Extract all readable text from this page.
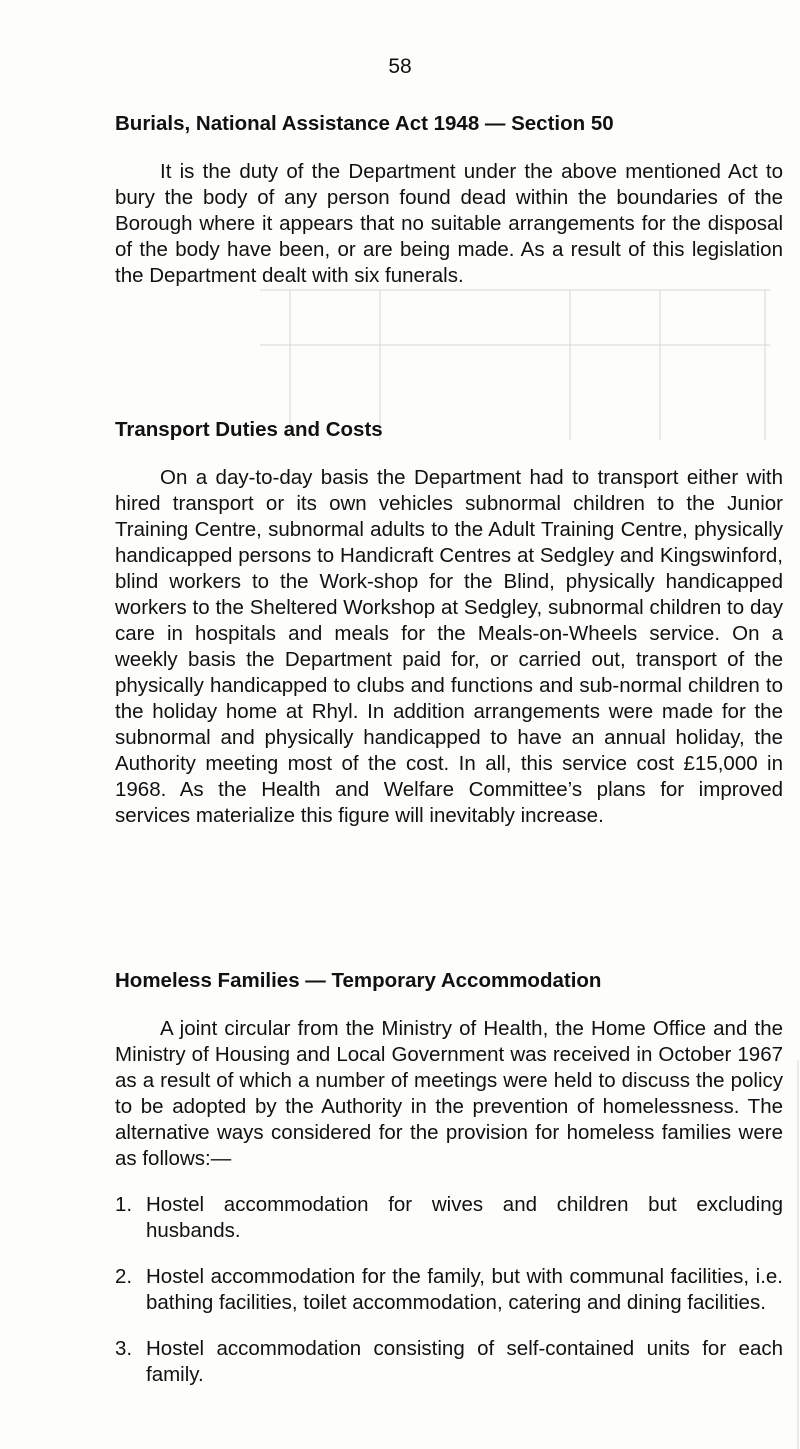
58
Burials, National Assistance Act 1948 — Section 50

It is the duty of the Department under the above mentioned Act to bury the body of any person found dead within the boundaries of the Borough where it appears that no suitable arrangements for the disposal of the body have been, or are being made. As a result of this legislation the Department dealt with six funerals.

Transport Duties and Costs

On a day-to-day basis the Department had to transport either with hired transport or its own vehicles subnormal children to the Junior Training Centre, subnormal adults to the Adult Training Centre, physically handicapped persons to Handicraft Centres at Sedgley and Kingswinford, blind workers to the Work-shop for the Blind, physically handicapped workers to the Sheltered Workshop at Sedgley, subnormal children to day care in hospitals and meals for the Meals-on-Wheels service. On a weekly basis the Department paid for, or carried out, transport of the physically handicapped to clubs and functions and sub-normal children to the holiday home at Rhyl. In addition arrangements were made for the subnormal and physically handicapped to have an annual holiday, the Authority meeting most of the cost. In all, this service cost £15,000 in 1968. As the Health and Welfare Committee’s plans for improved services materialize this figure will inevitably increase.

Homeless Families — Temporary Accommodation

A joint circular from the Ministry of Health, the Home Office and the Ministry of Housing and Local Government was received in October 1967 as a result of which a number of meetings were held to discuss the policy to be adopted by the Authority in the prevention of homelessness. The alternative ways considered for the provision for homeless families were as follows:—

1. Hostel accommodation for wives and children but excluding husbands.
2. Hostel accommodation for the family, but with communal facilities, i.e. bathing facilities, toilet accommodation, catering and dining facilities.
3. Hostel accommodation consisting of self-contained units for each family.
